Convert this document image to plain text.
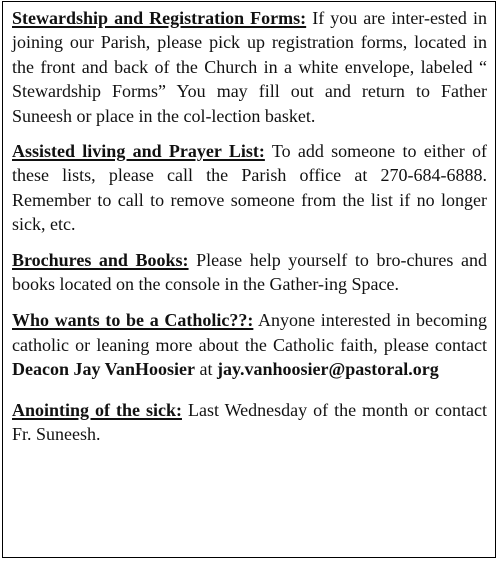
Stewardship and Registration Forms: If you are inter-ested in joining our Parish, please pick up registration forms, located in the front and back of the Church in a white envelope, labeled “ Stewardship Forms” You may fill out and return to Father Suneesh or place in the col-lection basket.

Assisted living and Prayer List: To add someone to either of these lists, please call the Parish office at 270-684-6888. Remember to call to remove someone from the list if no longer sick, etc.

Brochures and Books: Please help yourself to bro-chures and books located on the console in the Gather-ing Space.

Who wants to be a Catholic??: Anyone interested in becoming catholic or leaning more about the Catholic faith, please contact Deacon Jay VanHoosier at jay.vanhoosier@pastoral.org

Anointing of the sick: Last Wednesday of the month or contact Fr. Suneesh.
